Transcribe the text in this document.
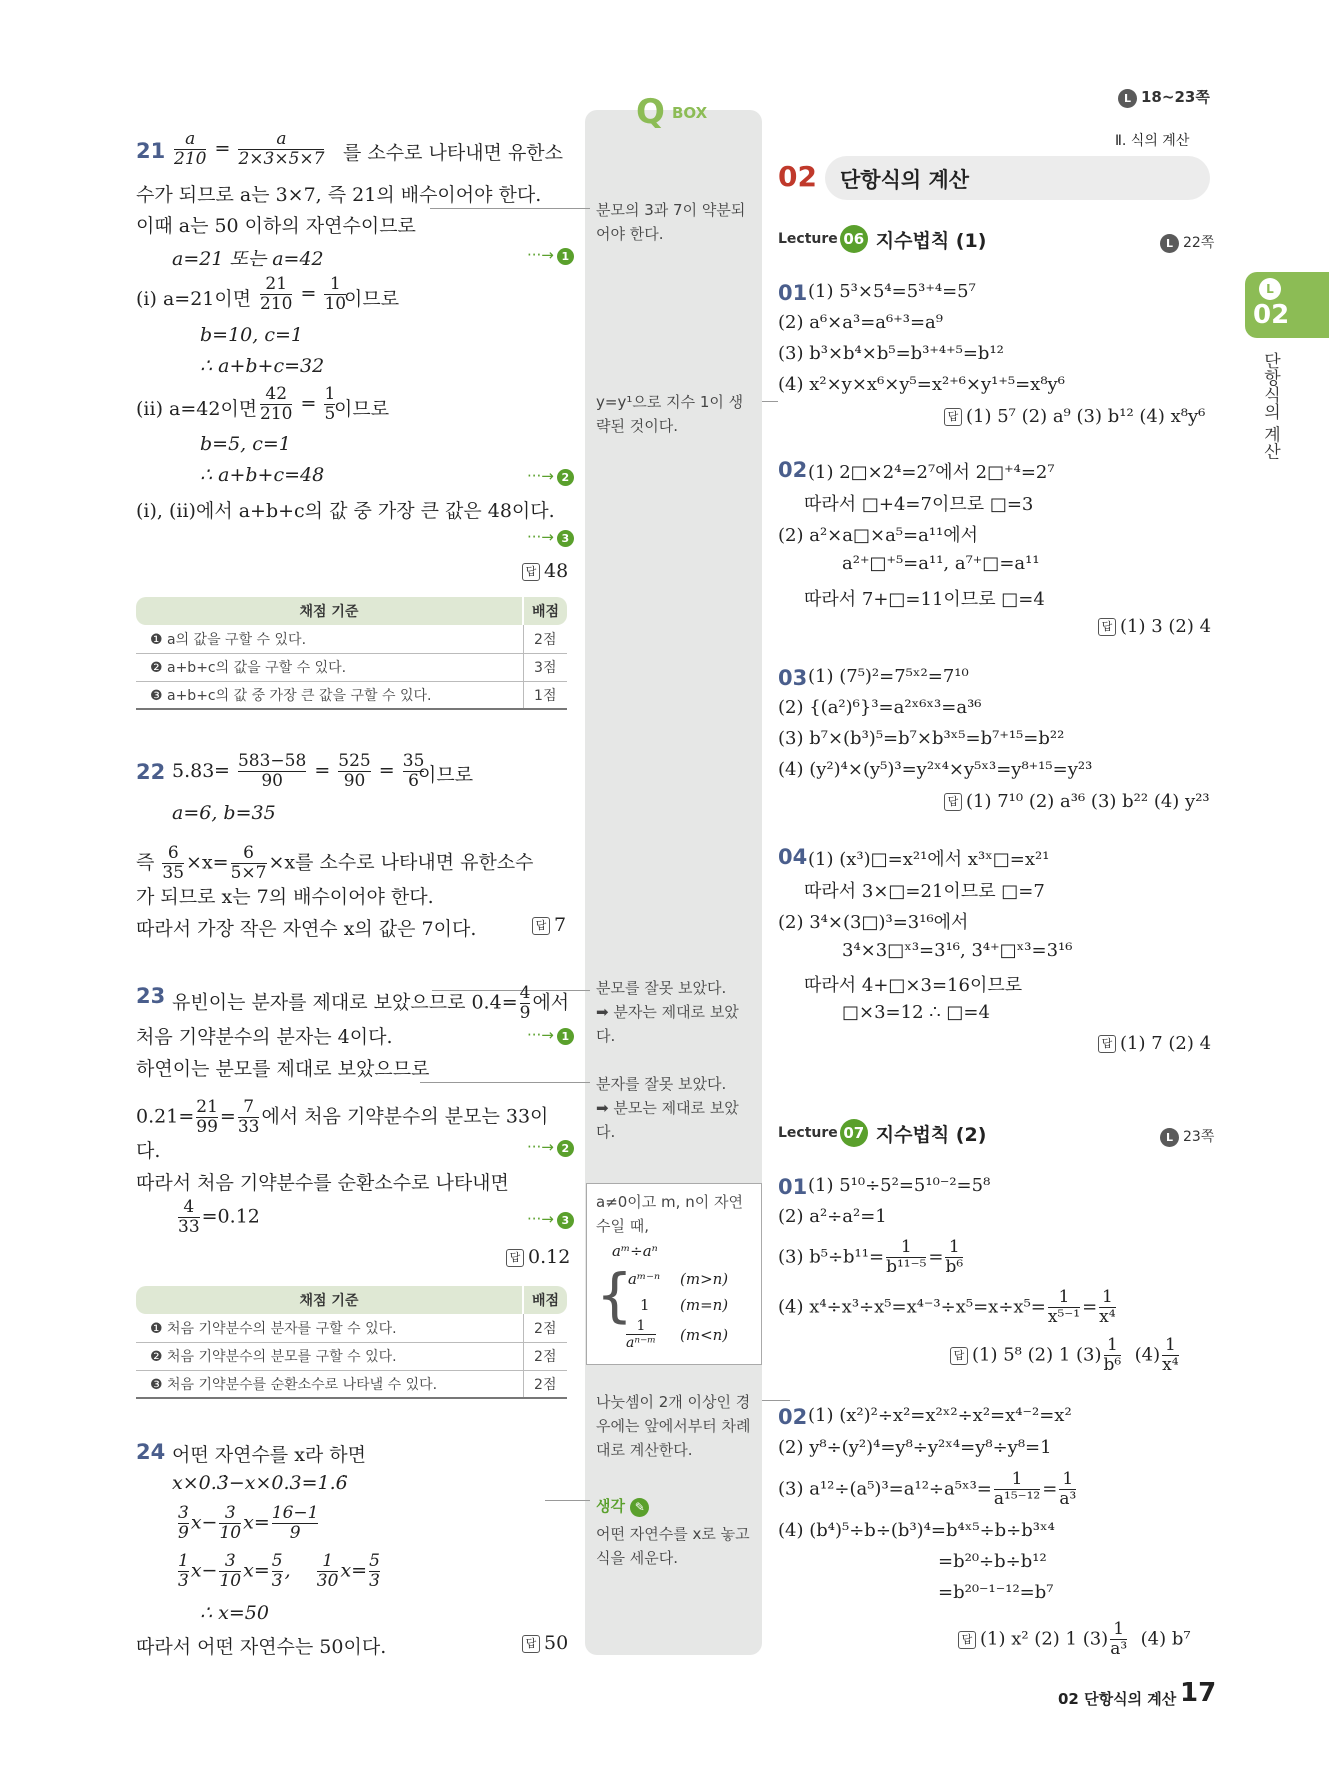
L 18~23쪽
Ⅱ. 식의 계산
02 단항식의 계산
L
02
단항식의 계산
Q BOX
분모의 3과 7이 약분되어야 한다.
y=y¹으로 지수 1이 생략된 것이다.
분모를 잘못 보았다.
➡ 분자는 제대로 보았다.
분자를 잘못 보았다.
➡ 분모는 제대로 보았다.
a≠0이고 m, n이 자연수일 때,
aᵐ÷aⁿ
{
aᵐ⁻ⁿ (m>n)
1 (m=n)
$\frac{1}{\text{aⁿ⁻ᵐ}} (m<n)$
나눗셈이 2개 이상인 경우에는 앞에서부터 차례대로 계산한다.
생각 ✎
어떤 자연수를 x로 놓고 식을 세운다.
$21 \frac{a}{210} = \frac{a}{2\times 3\times 5\times 7}$ 를 소수로 나타내면 유한소
수가 되므로 a는 3×7, 즉 21의 배수이어야 한다.
이때 a는 50 이하의 자연수이므로
a=21 또는 a=42	···→ 1
(i) a=21이면 $\frac{21}{210} = \frac{1}{10}$
이므로
b=10, c=1
∴ a+b+c=32
(ii) a=42이면 $\frac{42}{210} = \frac{1}{5}$
이므로
b=5, c=1
∴ a+b+c=48	···→ 2
(i), (ii)에서 a+b+c의 값 중 가장 큰 값은 48이다.
···→ 3
답 48
채점 기준	배점
❶ a의 값을 구할 수 있다.	2점
❷ a+b+c의 값을 구할 수 있다.	3점
❸ a+b+c의 값 중 가장 큰 값을 구할 수 있다.	1점
22 $5.83 = \frac{583-58}{90} = \frac{525}{90} = \frac{35}{6}$
이므로
a=6, b=35
즉 $\frac{6}{35} \times x= \frac{6}{5\times 7} \times x$를 소수로 나타내면 유한소수
가 되므로 x는 7의 배수이어야 한다.
따라서 가장 작은 자연수 x의 값은 7이다.	답 7
23 유빈이는 분자를 제대로 보았으므로 $0.4= \frac{4}{9}$ 에서
처음 기약분수의 분자는 4이다.	···→ 1
하연이는 분모를 제대로 보았으므로
$0.21= \frac{21}{99} = \frac{7}{33}$ 에서 처음 기약분수의 분모는 33이
다.	···→ 2
따라서 처음 기약분수를 순환소수로 나타내면
$\frac{4}{33} =0.12$	···→ 3
답 0.12
채점 기준	배점
❶ 처음 기약분수의 분자를 구할 수 있다.	2점
❷ 처음 기약분수의 분모를 구할 수 있다.	2점
❸ 처음 기약분수를 순환소수로 나타낼 수 있다.	2점
24 어떤 자연수를 x라 하면
x×0.3̇−x×0.3=1.6̇
$\frac{3}{9} x- \frac{3}{10} x= \frac{16-1}{9}$
$\frac{1}{3} x- \frac{3}{10} x= \frac{5}{3}$ , $\frac{1}{30} x= \frac{5}{3}$
∴ x=50
따라서 어떤 자연수는 50이다.	답 50
Lecture 06 지수법칙 (1)	L 22쪽
01 (1) 5³×5⁴=5³⁺⁴=5⁷
(2) a⁶×a³=a⁶⁺³=a⁹
(3) b³×b⁴×b⁵=b³⁺⁴⁺⁵=b¹²
(4) x²×y×x⁶×y⁵=x²⁺⁶×y¹⁺⁵=x⁸y⁶
답 (1) 5⁷ (2) a⁹ (3) b¹² (4) x⁸y⁶
02 (1) 2□×2⁴=2⁷에서 2□⁺⁴=2⁷
따라서 □+4=7이므로 □=3
(2) a²×a□×a⁵=a¹¹에서
a²⁺□⁺⁵=a¹¹, a⁷⁺□=a¹¹
따라서 7+□=11이므로 □=4
답 (1) 3 (2) 4
03 (1) (7⁵)²=7⁵ˣ²=7¹⁰
(2) {(a²)⁶}³=a²ˣ⁶ˣ³=a³⁶
(3) b⁷×(b³)⁵=b⁷×b³ˣ⁵=b⁷⁺¹⁵=b²²
(4) (y²)⁴×(y⁵)³=y²ˣ⁴×y⁵ˣ³=y⁸⁺¹⁵=y²³
답 (1) 7¹⁰ (2) a³⁶ (3) b²² (4) y²³
04 (1) (x³)□=x²¹에서 x³ˣ□=x²¹
따라서 3×□=21이므로 □=7
(2) 3⁴×(3□)³=3¹⁶에서
3⁴×3□ˣ³=3¹⁶, 3⁴⁺□ˣ³=3¹⁶
따라서 4+□×3=16이므로
□×3=12 ∴ □=4
답 (1) 7 (2) 4
Lecture 07 지수법칙 (2)	L 23쪽
01 (1) 5¹⁰÷5²=5¹⁰⁻²=5⁸
(2) a²÷a²=1
(3) $b^5\div b^{11}= \frac{1}{\text{b¹¹⁻⁵}} = \frac{1}{\text{b⁶}}$
(4) $x^4\div x^3\div x^5=x^{4-3}\div x^5=x\div x^5= \frac{1}{\text{x⁵⁻¹}} = \frac{1}{\text{x⁴}}$
답 (1) 5⁸ (2) 1 $(3) \frac{1}{\text{b⁶}} (4) \frac{1}{\text{x⁴}}$
02 (1) (x²)²÷x²=x²ˣ²÷x²=x⁴⁻²=x²
(2) y⁸÷(y²)⁴=y⁸÷y²ˣ⁴=y⁸÷y⁸=1
(3) a¹²÷(a⁵)³=a¹²÷a⁵ˣ³= $\frac{1}{\text{a¹⁵⁻¹²}} = \frac{1}{\text{a³}}$
(4) (b⁴)⁵÷b÷(b³)⁴=b⁴ˣ⁵÷b÷b³ˣ⁴
=b²⁰÷b÷b¹²
=b²⁰⁻¹⁻¹²=b⁷
답 (1) x² (2) 1 $(3) \frac{1}{\text{a³}} (4)$ b⁷
02 단항식의 계산 17
